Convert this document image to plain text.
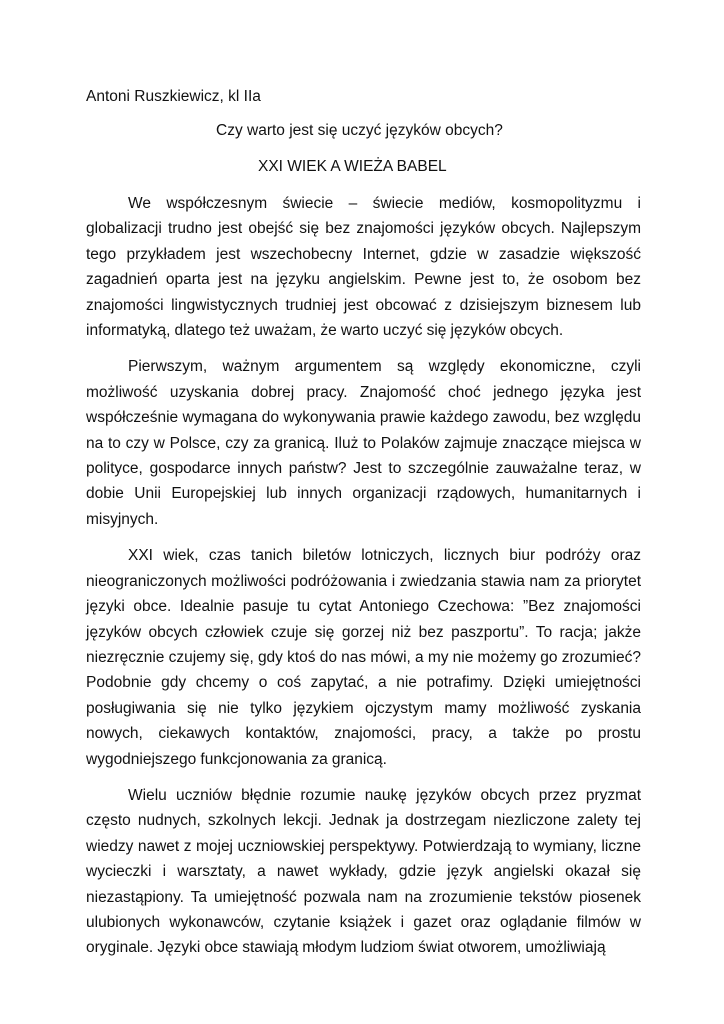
Antoni Ruszkiewicz, kl IIa

Czy warto jest się uczyć języków obcych?

XXI WIEK A WIEŻA BABEL

We współczesnym świecie – świecie mediów, kosmopolityzmu i globalizacji trudno jest obejść się bez znajomości języków obcych. Najlepszym tego przykładem jest wszechobecny Internet, gdzie w zasadzie większość zagadnień oparta jest na języku angielskim. Pewne jest to, że osobom bez znajomości lingwistycznych trudniej jest obcować z dzisiejszym biznesem lub informatyką, dlatego też uważam, że warto uczyć się języków obcych.

Pierwszym, ważnym argumentem są względy ekonomiczne, czyli możliwość uzyskania dobrej pracy. Znajomość choć jednego języka jest współcześnie wymagana do wykonywania prawie każdego zawodu, bez względu na to czy w Polsce, czy za granicą. Iluż to Polaków zajmuje znaczące miejsca w polityce, gospodarce innych państw? Jest to szczególnie zauważalne teraz, w dobie Unii Europejskiej lub innych organizacji rządowych, humanitarnych i misyjnych.

XXI wiek, czas tanich biletów lotniczych, licznych biur podróży oraz nieograniczonych możliwości podróżowania i zwiedzania stawia nam za priorytet języki obce. Idealnie pasuje tu cytat Antoniego Czechowa: ”Bez znajomości języków obcych człowiek czuje się gorzej niż bez paszportu”. To racja; jakże niezręcznie czujemy się, gdy ktoś do nas mówi, a my nie możemy go zrozumieć? Podobnie gdy chcemy o coś zapytać, a nie potrafimy. Dzięki umiejętności posługiwania się nie tylko językiem ojczystym mamy możliwość zyskania nowych, ciekawych kontaktów, znajomości, pracy, a także po prostu wygodniejszego funkcjonowania za granicą.

Wielu uczniów błędnie rozumie naukę języków obcych przez pryzmat często nudnych, szkolnych lekcji. Jednak ja dostrzegam niezliczone zalety tej wiedzy nawet z mojej uczniowskiej perspektywy. Potwierdzają to wymiany, liczne wycieczki i warsztaty, a nawet wykłady, gdzie język angielski okazał się niezastąpiony. Ta umiejętność pozwala nam na zrozumienie tekstów piosenek ulubionych wykonawców, czytanie książek i gazet oraz oglądanie filmów w oryginale. Języki obce stawiają młodym ludziom świat otworem, umożliwiają
